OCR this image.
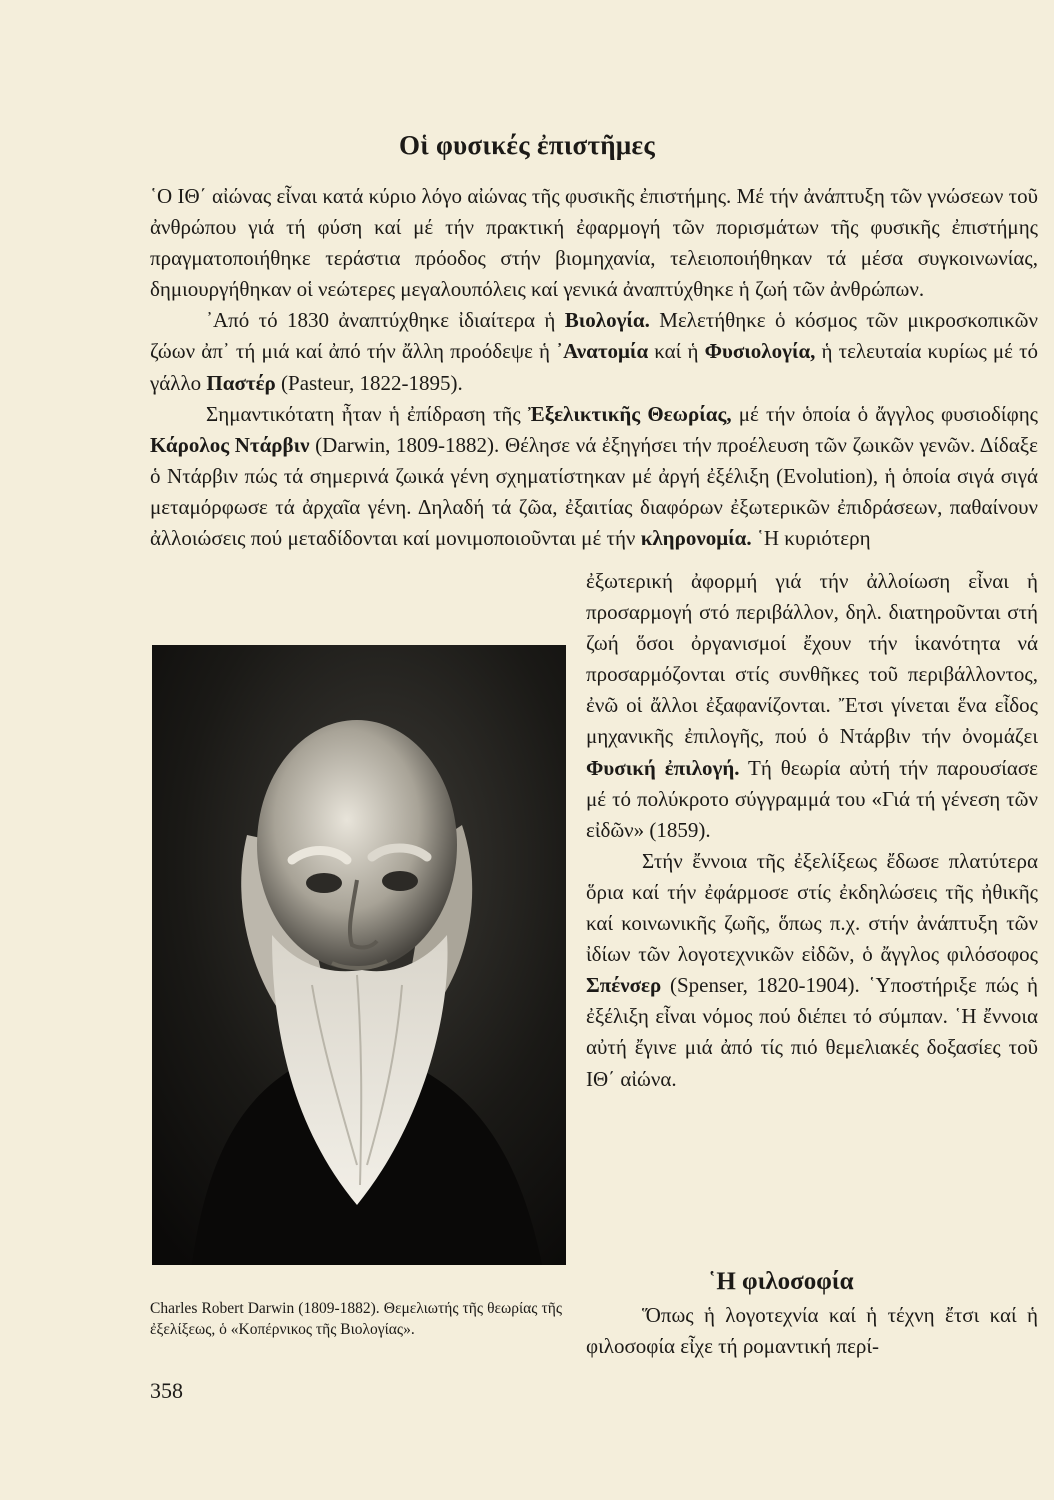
Οἱ φυσικές ἐπιστῆμες

῾Ο ΙΘ΄ αἰώνας εἶναι κατά κύριο λόγο αἰώνας τῆς φυσικῆς ἐπιστήμης. Μέ τήν ἀνάπτυξη τῶν γνώσεων τοῦ ἀνθρώπου γιά τή φύση καί μέ τήν πρακτική ἐφαρμογή τῶν πορισμάτων τῆς φυσικῆς ἐπιστήμης πραγματοποιήθηκε τεράστια πρόοδος στήν βιομηχανία, τελειοποιήθηκαν τά μέσα συγκοινωνίας, δημιουργήθηκαν οἱ νεώτερες μεγαλουπόλεις καί γενικά ἀναπτύχθηκε ἡ ζωή τῶν ἀνθρώπων.

᾿Από τό 1830 ἀναπτύχθηκε ἰδιαίτερα ἡ Βιολογία. Μελετήθηκε ὁ κόσμος τῶν μικροσκοπικῶν ζώων ἀπ᾿ τή μιά καί ἀπό τήν ἄλλη προόδεψε ἡ ᾿Ανατομία καί ἡ Φυσιολογία, ἡ τελευταία κυρίως μέ τό γάλλο Παστέρ (Pasteur, 1822-1895).

Σημαντικότατη ἦταν ἡ ἐπίδραση τῆς Ἐξελικτικῆς Θεωρίας, μέ τήν ὁποία ὁ ἄγγλος φυσιοδίφης Κάρολος Ντάρβιν (Darwin, 1809-1882). Θέλησε νά ἐξηγήσει τήν προέλευση τῶν ζωικῶν γενῶν. Δίδαξε ὁ Ντάρβιν πώς τά σημερινά ζωικά γένη σχηματίστηκαν μέ ἀργή ἐξέλιξη (Evolution), ἡ ὁποία σιγά σιγά μεταμόρφωσε τά ἀρχαῖα γένη. Δηλαδή τά ζῶα, ἐξαιτίας διαφόρων ἐξωτερικῶν ἐπιδράσεων, παθαίνουν ἀλλοιώσεις πού μεταδίδονται καί μονιμοποιοῦνται μέ τήν κληρονομία. ῾Η κυριότερη

ἐξωτερική ἀφορμή γιά τήν ἀλλοίωση εἶναι ἡ προσαρμογή στό περιβάλλον, δηλ. διατηροῦνται στή ζωή ὅσοι ὀργανισμοί ἔχουν τήν ἱκανότητα νά προσαρμόζονται στίς συνθῆκες τοῦ περιβάλλοντος, ἐνῶ οἱ ἄλλοι ἐξαφανίζονται. Ἔτσι γίνεται ἕνα εἶδος μηχανικῆς ἐπιλογῆς, πού ὁ Ντάρβιν τήν ὀνομάζει Φυσική ἐπιλογή. Τή θεωρία αὐτή τήν παρουσίασε μέ τό πολύκροτο σύγγραμμά του «Γιά τή γένεση τῶν εἰδῶν» (1859).

Στήν ἔννοια τῆς ἐξελίξεως ἔδωσε πλατύτερα ὅρια καί τήν ἐφάρμοσε στίς ἐκδηλώσεις τῆς ἠθικῆς καί κοινωνικῆς ζωῆς, ὅπως π.χ. στήν ἀνάπτυξη τῶν ἰδίων τῶν λογοτεχνικῶν εἰδῶν, ὁ ἄγγλος φιλόσοφος Σπένσερ (Spenser, 1820-1904). ῾Υποστήριξε πώς ἡ ἐξέλιξη εἶναι νόμος πού διέπει τό σύμπαν. ῾Η ἔννοια αὐτή ἔγινε μιά ἀπό τίς πιό θεμελιακές δοξασίες τοῦ ΙΘ΄ αἰώνα.

Charles Robert Darwin (1809-1882). Θεμελιωτής τῆς θεωρίας τῆς ἐξελίξεως, ὁ «Κοπέρνικος τῆς Βιολογίας».
῾Η φιλοσοφία

Ὅπως ἡ λογοτεχνία καί ἡ τέχνη ἔτσι καί ἡ φιλοσοφία εἶχε τή ρομαντική περί-

358
